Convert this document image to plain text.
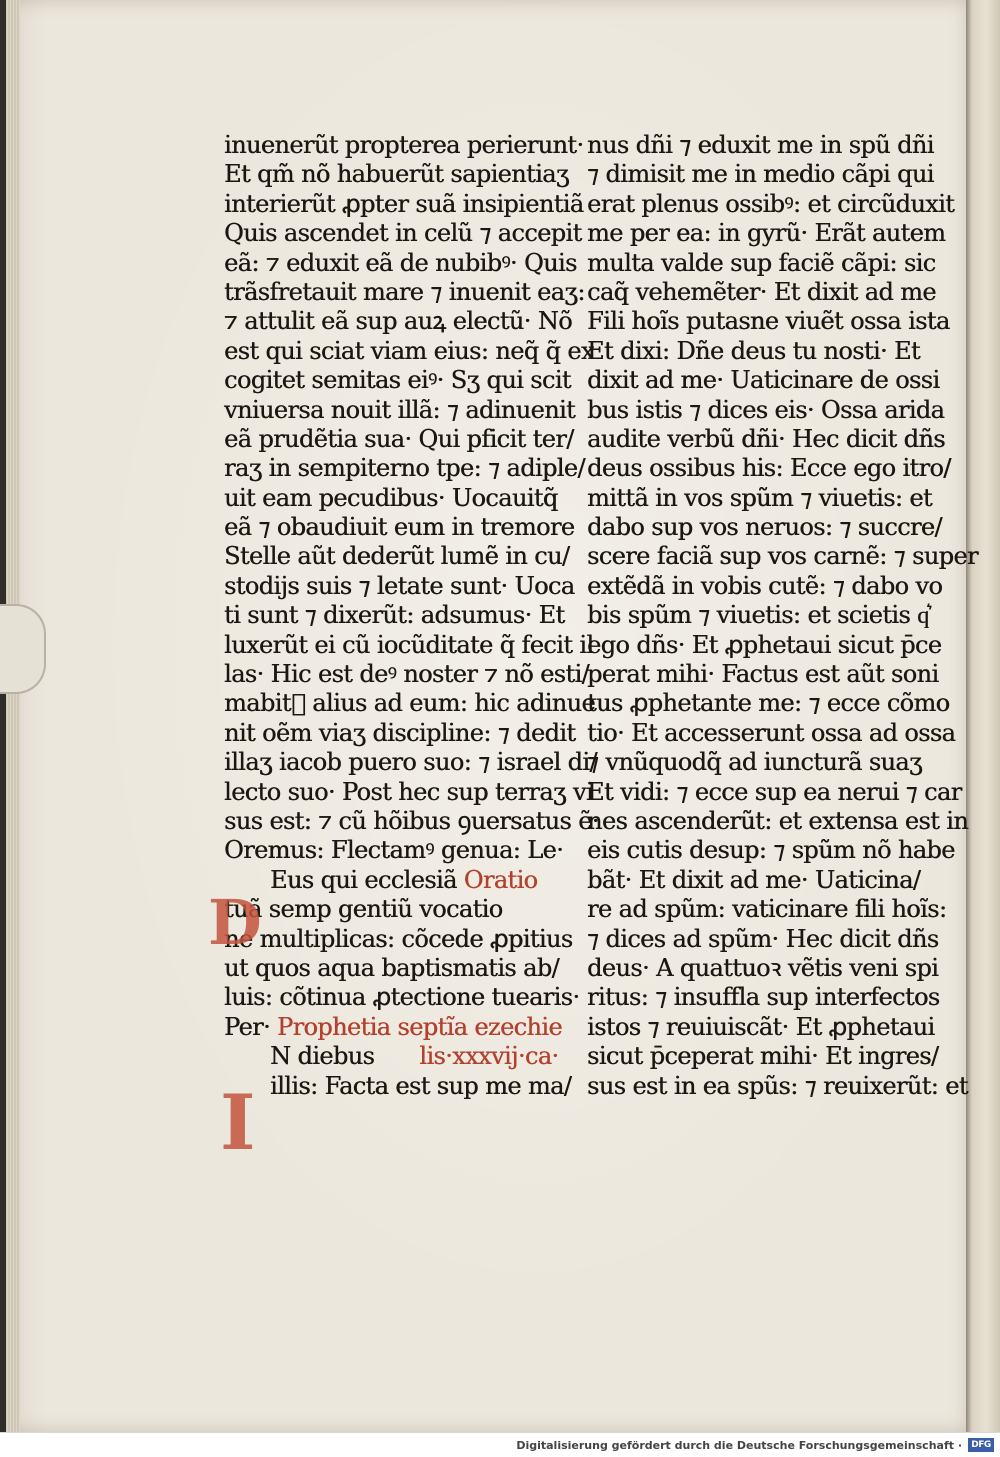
inuenerũt propterea perierunt·
Et qm̃ nõ habuerũt sapientiaʒ
interierũt ꝓpter suã insipientiã
Quis ascendet in celũ ⁊ accepit
eã: ⁊ eduxit eã de nubibꝰ· Quis
trãsfretauit mare ⁊ inuenit eaʒ:
⁊ attulit eã sup auꝝ electũ· Nõ
est qui sciat viam eius: neq̃ q̃ ex
cogitet semitas eiꝰ· Sʒ qui scit
vniuersa nouit illã: ⁊ adinuenit
eã prudẽtia sua· Qui pficit ter/
raʒ in sempiterno tpe: ⁊ adiple/
uit eam pecudibus· Uocauitq̃
eã ⁊ obaudiuit eum in tremore
Stelle aũt dederũt lumẽ in cu/
stodijs suis ⁊ letate sunt· Uoca
ti sunt ⁊ dixerũt: adsumus· Et
luxerũt ei cũ iocũditate q̃ fecit il
las· Hic est deꝰ noster ⁊ nõ esti/
mabit᷑ alius ad eum: hic adinue
nit oẽm viaʒ discipline: ⁊ dedit
illaʒ iacob puero suo: ⁊ israel di/
lecto suo· Post hec sup terraʒ vi
sus est: ⁊ cũ hõibus ꝯuersatus ẽ·
Oremus: Flectamꝰ genua: Le·
Eus qui ecclesiã Oratio
tuã semp gentiũ vocatio
ne multiplicas: cõcede ꝓpitius
ut quos aqua baptismatis ab/
luis: cõtinua ꝓtectione tuearis·
Per· Prophetia septĩa ezechie
N diebus lis·xxxvij·ca·
illis: Facta est sup me ma/
D
I
nus dñi ⁊ eduxit me in spũ dñi
⁊ dimisit me in medio cãpi qui
erat plenus ossibꝰ: et circũduxit
me per ea: in gyrũ· Erãt autem
multa valde sup faciẽ cãpi: sic
caq̃ vehemẽter· Et dixit ad me
Fili hoĩs putasne viuẽt ossa ista
Et dixi: Dñe deus tu nosti· Et
dixit ad me· Uaticinare de ossi
bus istis ⁊ dices eis· Ossa arida
audite verbũ dñi· Hec dicit dñs
deus ossibus his: Ecce ego itro/
mittã in vos spũm ⁊ viuetis: et
dabo sup vos neruos: ⁊ succre/
scere faciã sup vos carnẽ: ⁊ super
extẽdã in vobis cutẽ: ⁊ dabo vo
bis spũm ⁊ viuetis: et scietis q͛
ego dñs· Et ꝓphetaui sicut p̄ce
perat mihi· Factus est aũt soni
tus ꝓphetante me: ⁊ ecce cõmo
tio· Et accesserunt ossa ad ossa
⁊ vnũquodq̃ ad iuncturã suaʒ
Et vidi: ⁊ ecce sup ea nerui ⁊ car
nes ascenderũt: et extensa est in
eis cutis desup: ⁊ spũm nõ habe
bãt· Et dixit ad me· Uaticina/
re ad spũm: vaticinare fili hoĩs:
⁊ dices ad spũm· Hec dicit dñs
deus· A quattuoꝛ vẽtis veni spi
ritus: ⁊ insuffla sup interfectos
istos ⁊ reuiuiscãt· Et ꝓphetaui
sicut p̄ceperat mihi· Et ingres/
sus est in ea spũs: ⁊ reuixerũt: et
Digitalisierung gefördert durch die Deutsche Forschungsgemeinschaft ·	DFG
